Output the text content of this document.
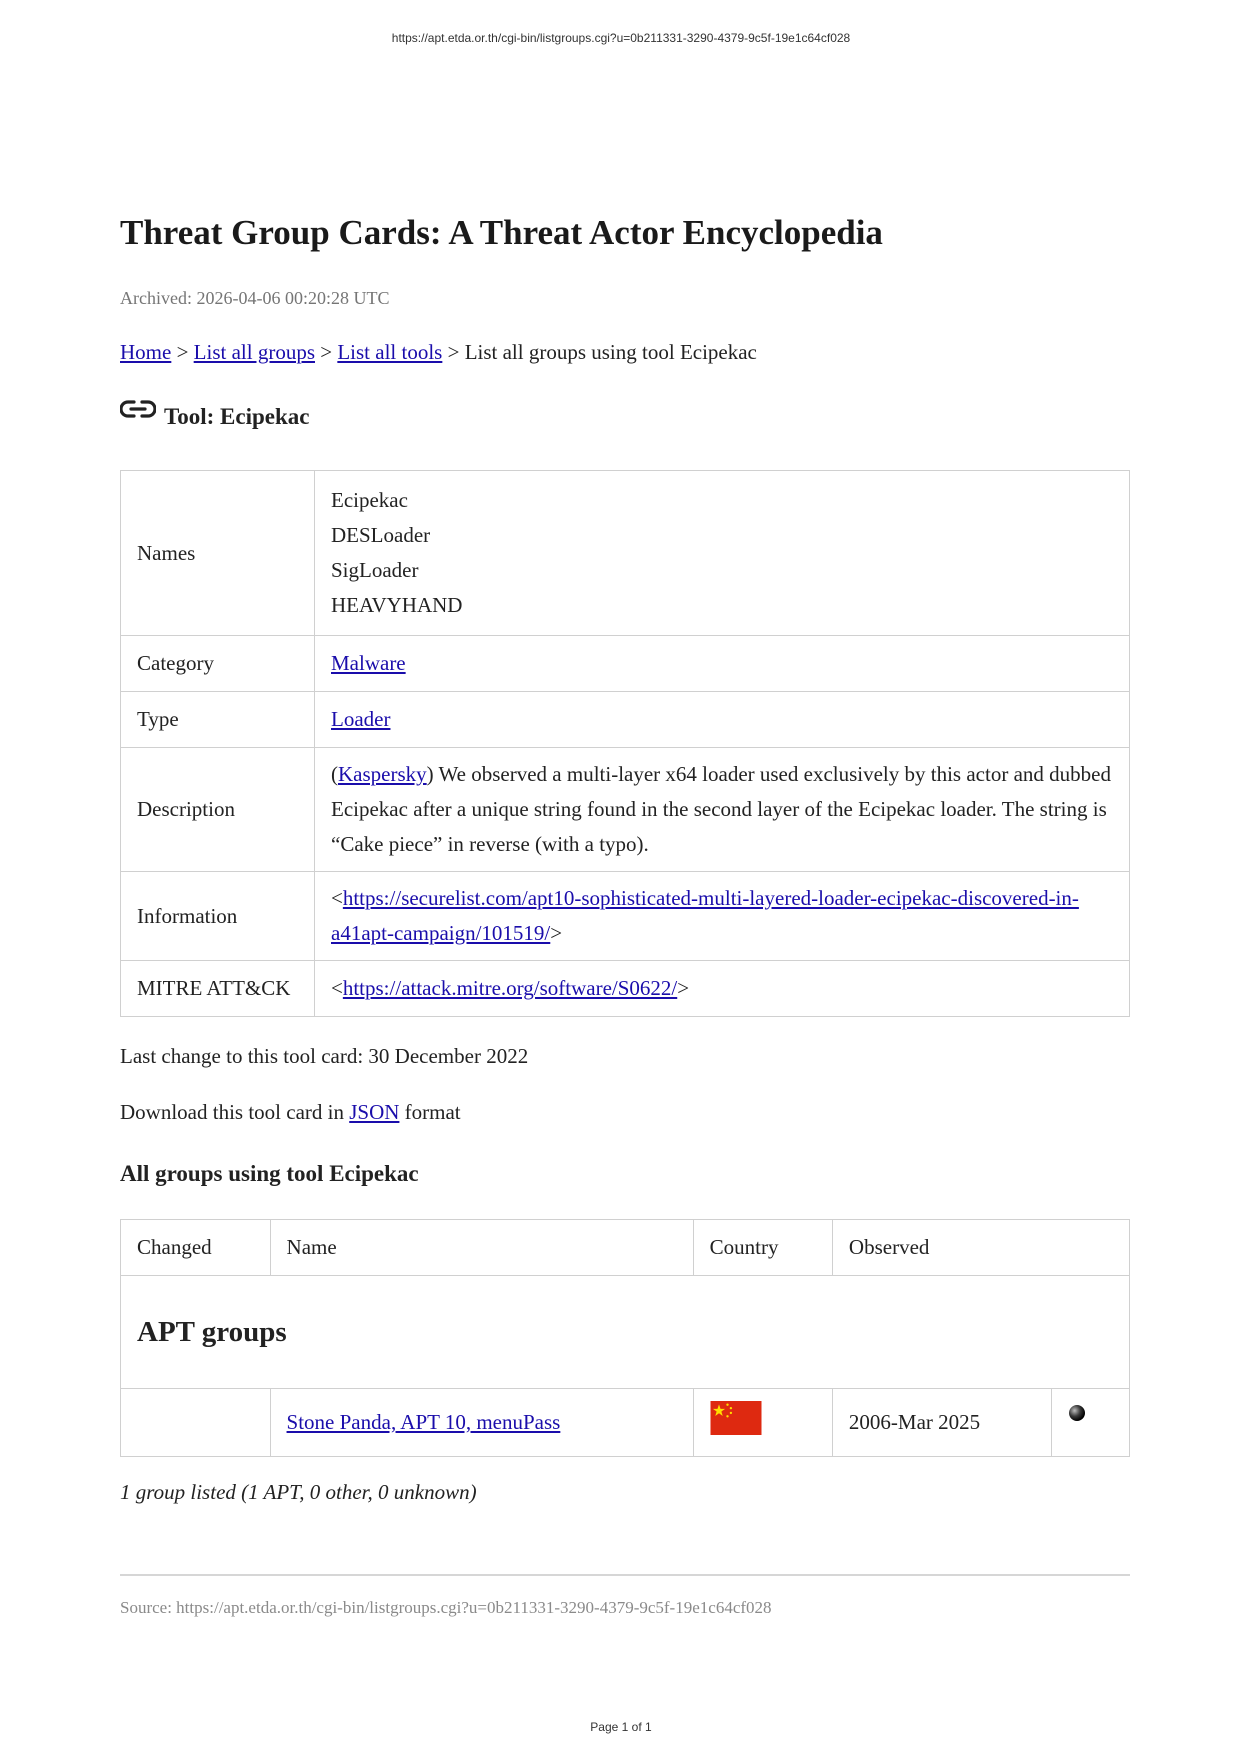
https://apt.etda.or.th/cgi-bin/listgroups.cgi?u=0b211331-3290-4379-9c5f-19e1c64cf028
Threat Group Cards: A Threat Actor Encyclopedia
Archived: 2026-04-06 00:20:28 UTC
Home > List all groups > List all tools > List all groups using tool Ecipekac
Tool: Ecipekac
Names	Ecipekac
DESLoader
SigLoader
HEAVYHAND

Category	Malware
Type	Loader
Description	(Kaspersky) We observed a multi-layer x64 loader used exclusively by this actor and dubbed Ecipekac after a unique string found in the second layer of the Ecipekac loader. The string is “Cake piece” in reverse (with a typo).
Information	<https://securelist.com/apt10-sophisticated-multi-layered-loader-ecipekac-discovered-in-a41apt-campaign/101519/>
MITRE ATT&CK	<https://attack.mitre.org/software/S0622/>
Last change to this tool card: 30 December 2022
Download this tool card in JSON format
All groups using tool Ecipekac
Changed	Name	Country	Observed	
APT groups				
	Stone Panda, APT 10, menuPass		2006-Mar 2025	
1 group listed (1 APT, 0 other, 0 unknown)
Source: https://apt.etda.or.th/cgi-bin/listgroups.cgi?u=0b211331-3290-4379-9c5f-19e1c64cf028
Page 1 of 1
